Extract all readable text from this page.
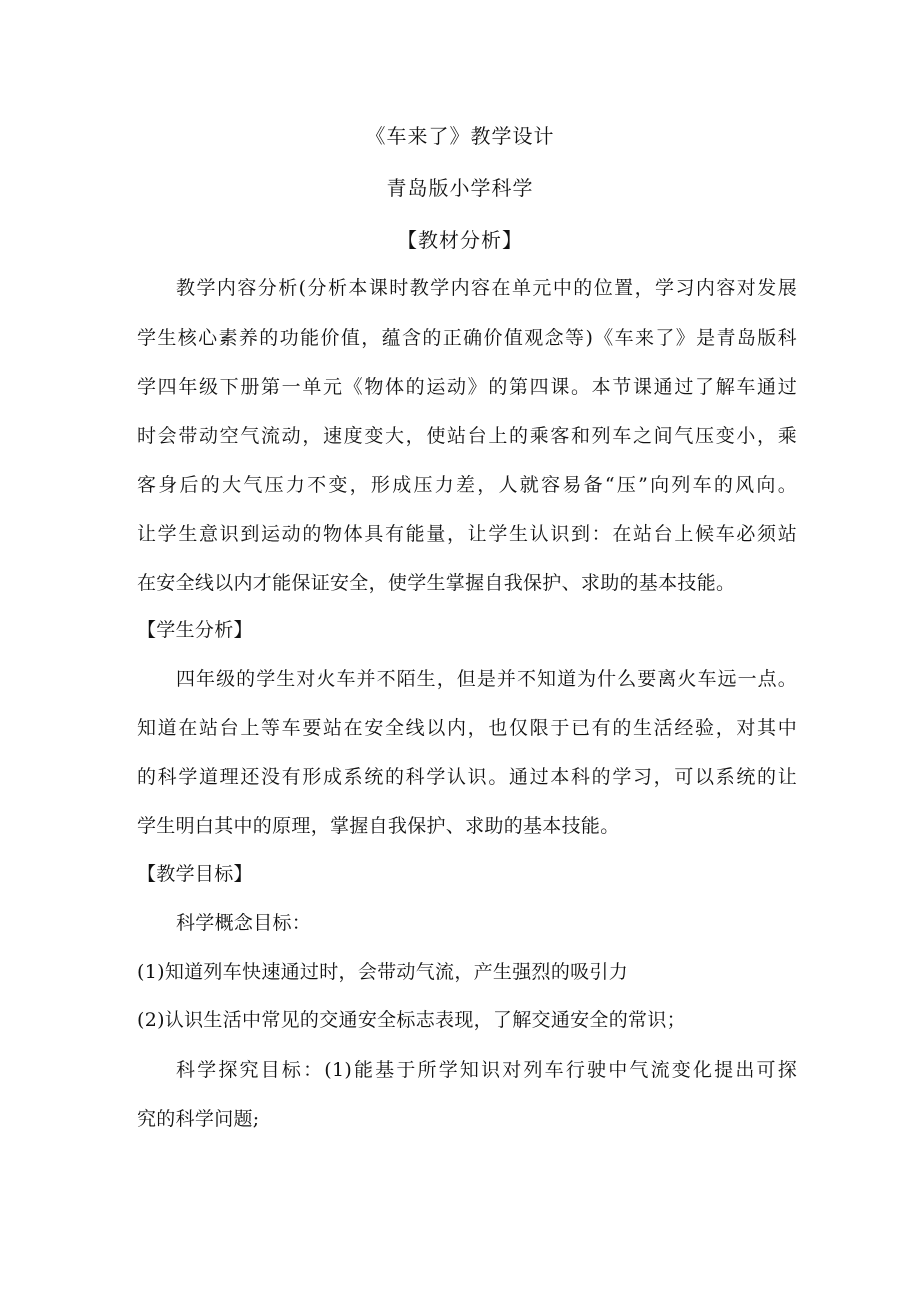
《车来了》教学设计
青岛版小学科学
【教材分析】
教学内容分析(分析本课时教学内容在单元中的位置，学习内容对发展
学生核心素养的功能价值，蕴含的正确价值观念等)《车来了》是青岛版科
学四年级下册第一单元《物体的运动》的第四课。本节课通过了解车通过
时会带动空气流动，速度变大，使站台上的乘客和列车之间气压变小，乘
客身后的大气压力不变，形成压力差，人就容易备“压”向列车的风向。
让学生意识到运动的物体具有能量，让学生认识到：在站台上候车必须站
在安全线以内才能保证安全，使学生掌握自我保护、求助的基本技能。
【学生分析】
四年级的学生对火车并不陌生，但是并不知道为什么要离火车远一点。
知道在站台上等车要站在安全线以内，也仅限于已有的生活经验，对其中
的科学道理还没有形成系统的科学认识。通过本科的学习，可以系统的让
学生明白其中的原理，掌握自我保护、求助的基本技能。
【教学目标】
科学概念目标：
(1)知道列车快速通过时，会带动气流，产生强烈的吸引力
(2)认识生活中常见的交通安全标志表现，了解交通安全的常识；
科学探究目标：(1)能基于所学知识对列车行驶中气流变化提出可探
究的科学问题;
